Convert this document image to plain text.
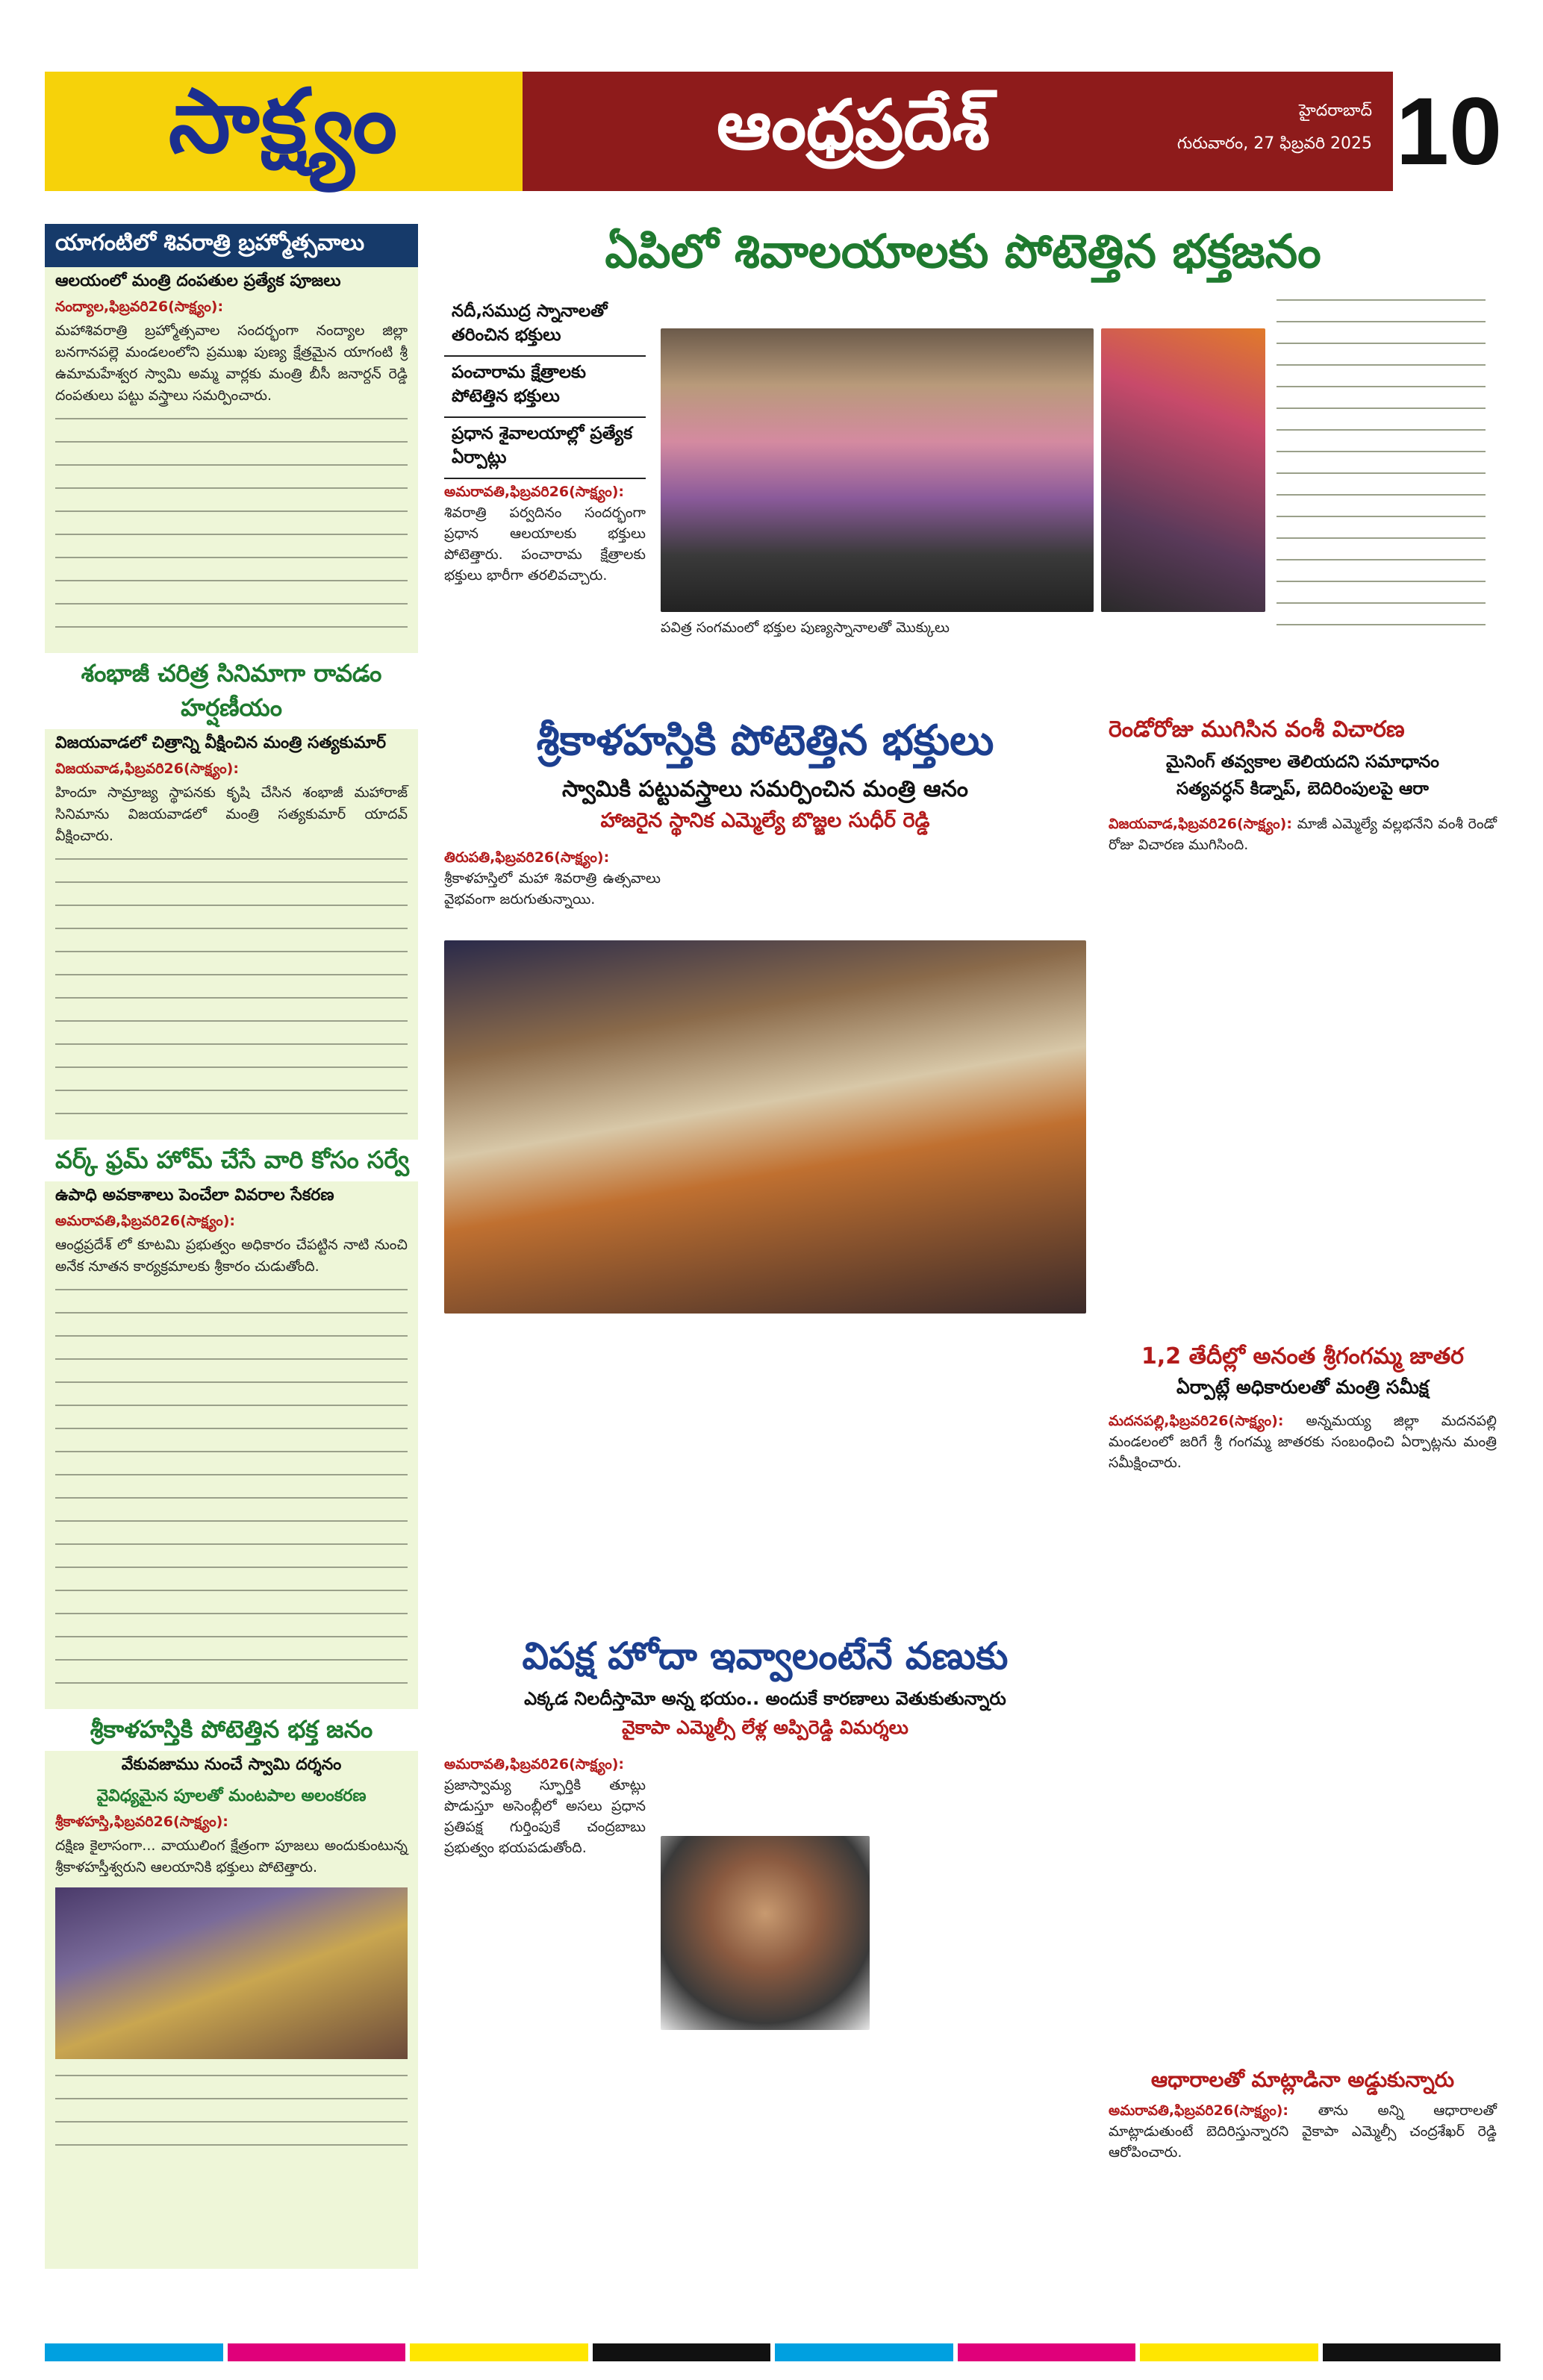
సాక్ష్యం	ఆంధ్రప్రదేశ్	హైదరాబాద్
గురువారం, 27 ఫిబ్రవరి 2025 10
యాగంటిలో శివరాత్రి బ్రహ్మోత్సవాలు
ఆలయంలో మంత్రి దంపతుల ప్రత్యేక పూజలు
నంద్యాల,ఫిబ్రవరి26(సాక్ష్యం):
మహాశివరాత్రి బ్రహ్మోత్సవాల సందర్భంగా నంద్యాల జిల్లా బనగానపల్లె మండలంలోని ప్రముఖ పుణ్య క్షేత్రమైన యాగంటి శ్రీ ఉమామహేశ్వర స్వామి అమ్మ వార్లకు మంత్రి బీసీ జనార్దన్ రెడ్డి దంపతులు పట్టు వస్త్రాలు సమర్పించారు.
శంభాజీ చరిత్ర సినిమాగా రావడం హర్షణీయం
విజయవాడలో చిత్రాన్ని వీక్షించిన మంత్రి సత్యకుమార్
విజయవాడ,ఫిబ్రవరి26(సాక్ష్యం):
హిందూ సామ్రాజ్య స్థాపనకు కృషి చేసిన శంభాజీ మహారాజ్ సినిమాను విజయవాడలో మంత్రి సత్యకుమార్ యాదవ్ వీక్షించారు.
వర్క్ ఫ్రమ్ హోమ్ చేసే వారి కోసం సర్వే
ఉపాధి అవకాశాలు పెంచేలా వివరాల సేకరణ
అమరావతి,ఫిబ్రవరి26(సాక్ష్యం):
ఆంధ్రప్రదేశ్ లో కూటమి ప్రభుత్వం అధికారం చేపట్టిన నాటి నుంచి అనేక నూతన కార్యక్రమాలకు శ్రీకారం చుడుతోంది.
శ్రీకాళహస్తికి పోటెత్తిన భక్త జనం
వేకువజాము నుంచే స్వామి దర్శనం
వైవిధ్యమైన పూలతో మంటపాల అలంకరణ
శ్రీకాళహస్తి,ఫిబ్రవరి26(సాక్ష్యం):
దక్షిణ కైలాసంగా... వాయులింగ క్షేత్రంగా పూజలు అందుకుంటున్న శ్రీకాళహస్తీశ్వరుని ఆలయానికి భక్తులు పోటెత్తారు.
ఏపిలో శివాలయాలకు పోటెత్తిన భక్తజనం
నదీ,సముద్ర స్నానాలతో తరించిన భక్తులు
పంచారామ క్షేత్రాలకు పోటెత్తిన భక్తులు
ప్రధాన శైవాలయాల్లో ప్రత్యేక ఏర్పాట్లు
అమరావతి,ఫిబ్రవరి26(సాక్ష్యం): శివరాత్రి పర్వదినం సందర్భంగా ప్రధాన ఆలయాలకు భక్తులు పోటెత్తారు. పంచారామ క్షేత్రాలకు భక్తులు భారీగా తరలివచ్చారు.
పవిత్ర సంగమంలో భక్తుల పుణ్యస్నానాలతో మొక్కులు
శ్రీకాళహస్తికి పోటెత్తిన భక్తులు
స్వామికి పట్టువస్త్రాలు సమర్పించిన మంత్రి ఆనం
హాజరైన స్థానిక ఎమ్మెల్యే బొజ్జల సుధీర్ రెడ్డి
తిరుపతి,ఫిబ్రవరి26(సాక్ష్యం): శ్రీకాళహస్తిలో మహా శివరాత్రి ఉత్సవాలు వైభవంగా జరుగుతున్నాయి.
రెండోరోజు ముగిసిన వంశీ విచారణ
మైనింగ్ తవ్వకాల తెలియదని సమాధానం
సత్యవర్ధన్ కిడ్నాప్, బెదిరింపులపై ఆరా
విజయవాడ,ఫిబ్రవరి26(సాక్ష్యం): మాజీ ఎమ్మెల్యే వల్లభనేని వంశీ రెండో రోజు విచారణ ముగిసింది.
1,2 తేదీల్లో అనంత శ్రీగంగమ్మ జాతర
ఏర్పాట్లే అధికారులతో మంత్రి సమీక్ష
మదనపల్లి,ఫిబ్రవరి26(సాక్ష్యం): అన్నమయ్య జిల్లా మదనపల్లి మండలంలో జరిగే శ్రీ గంగమ్మ జాతరకు సంబంధించి ఏర్పాట్లను మంత్రి సమీక్షించారు.
విపక్ష హోదా ఇవ్వాలంటేనే వణుకు
ఎక్కడ నిలదీస్తామో అన్న భయం.. అందుకే కారణాలు వెతుకుతున్నారు
వైకాపా ఎమ్మెల్సీ లేళ్ల అప్పిరెడ్డి విమర్శలు
అమరావతి,ఫిబ్రవరి26(సాక్ష్యం): ప్రజాస్వామ్య స్ఫూర్తికి తూట్లు పొడుస్తూ అసెంబ్లీలో అసలు ప్రధాన ప్రతిపక్ష గుర్తింపుకే చంద్రబాబు ప్రభుత్వం భయపడుతోంది.
ఆధారాలతో మాట్లాడినా అడ్డుకున్నారు
అమరావతి,ఫిబ్రవరి26(సాక్ష్యం): తాను అన్ని ఆధారాలతో మాట్లాడుతుంటే బెదిరిస్తున్నారని వైకాపా ఎమ్మెల్సీ చంద్రశేఖర్ రెడ్డి ఆరోపించారు.
